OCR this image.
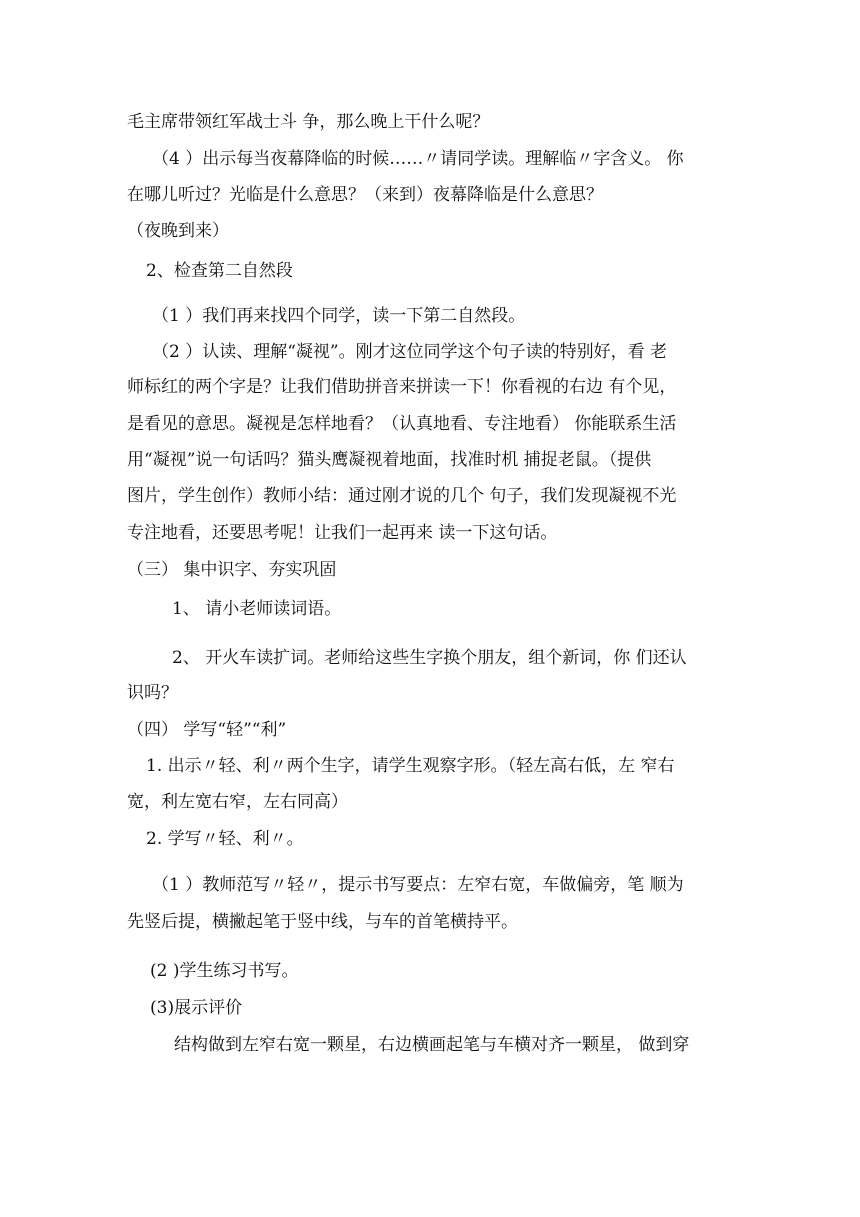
毛主席带领红军战士斗 争，那么晚上干什么呢？
（4 ）出示每当夜幕降临的时候……〃请同学读。理解临〃字含义。 你
在哪儿听过？光临是什么意思？（来到）夜幕降临是什么意思？
（夜晚到来）
2、检查第二自然段
（1 ）我们再来找四个同学，读一下第二自然段。
（2 ）认读、理解“凝视”。刚才这位同学这个句子读的特别好，看 老
师标红的两个字是？让我们借助拼音来拼读一下！你看视的右边 有个见，
是看见的意思。凝视是怎样地看？（认真地看、专注地看） 你能联系生活
用“凝视”说一句话吗？猫头鹰凝视着地面，找准时机 捕捉老鼠。（提供
图片，学生创作）教师小结：通过刚才说的几个 句子，我们发现凝视不光
专注地看，还要思考呢！让我们一起再来 读一下这句话。
（三） 集中识字、夯实巩固
1、 请小老师读词语。
2、 开火车读扩词。老师给这些生字换个朋友，组个新词，你 们还认
识吗？
（四） 学写“轻”“利”
1. 出示〃轻、利〃两个生字，请学生观察字形。（轻左高右低，左 窄右
宽，利左宽右窄，左右同高）
2. 学写〃轻、利〃。
（1 ）教师范写〃轻〃，提示书写要点：左窄右宽，车做偏旁，笔 顺为
先竖后提，横撇起笔于竖中线，与车的首笔横持平。
(2 )学生练习书写。
(3)展示评价
结构做到左窄右宽一颗星，右边横画起笔与车横对齐一颗星， 做到穿
